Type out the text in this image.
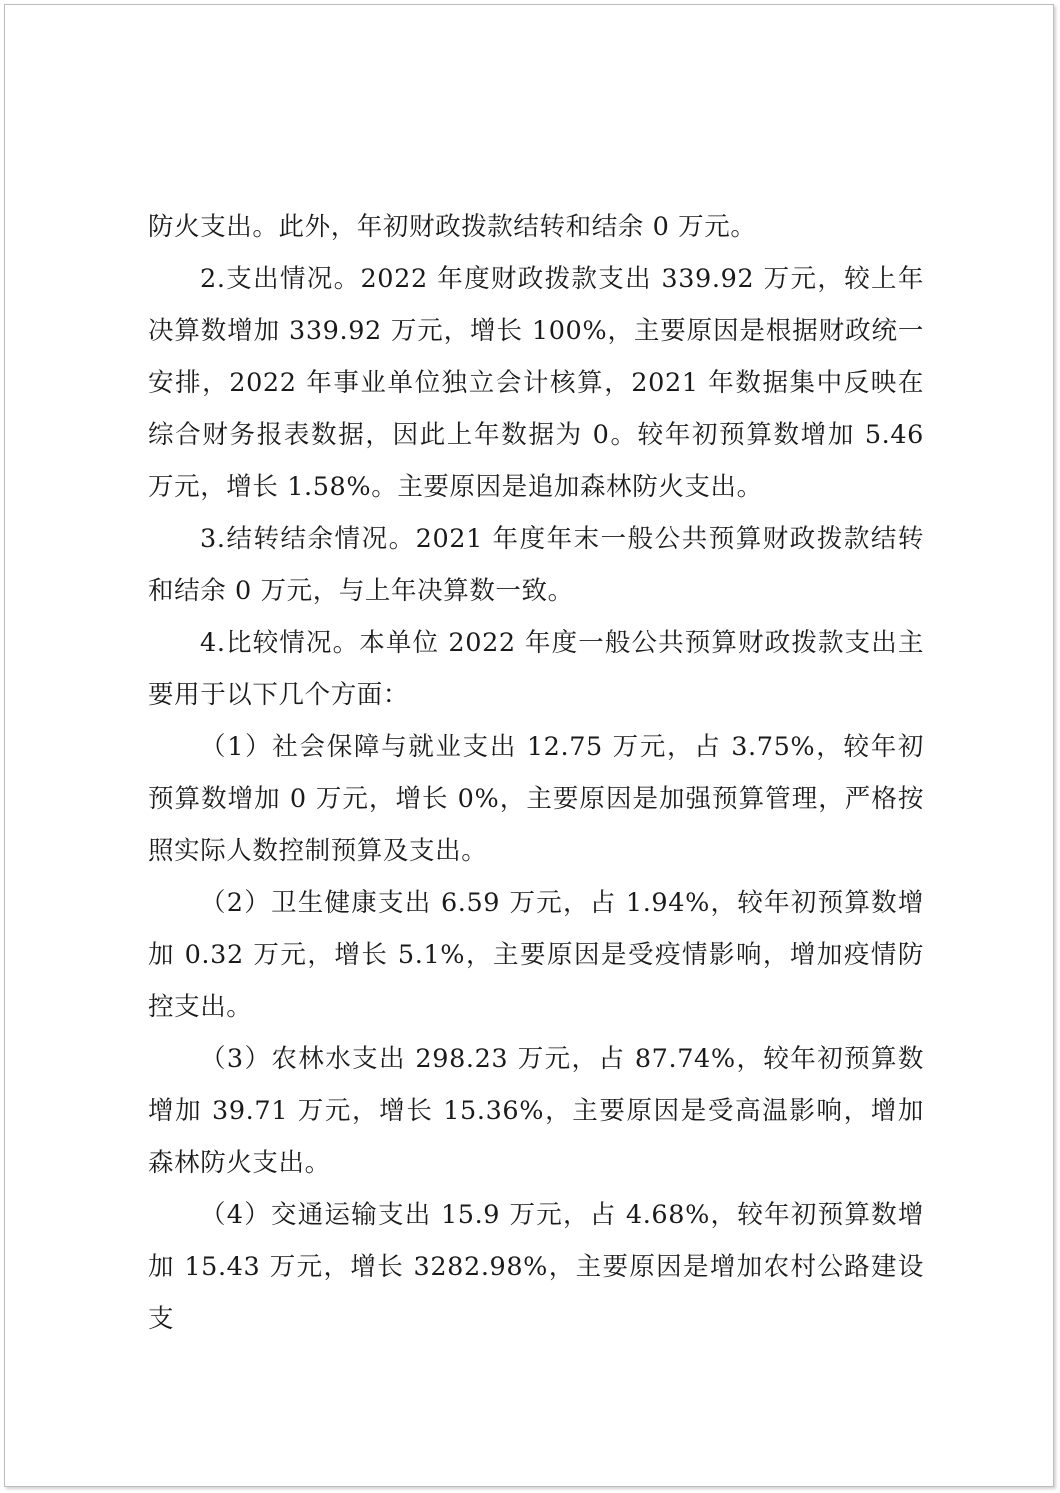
防火支出。此外，年初财政拨款结转和结余 0 万元。

2.支出情况。2022 年度财政拨款支出 339.92 万元，较上年决算数增加 339.92 万元，增长 100%，主要原因是根据财政统一安排，2022 年事业单位独立会计核算，2021 年数据集中反映在综合财务报表数据，因此上年数据为 0。较年初预算数增加 5.46 万元，增长 1.58%。主要原因是追加森林防火支出。

3.结转结余情况。2021 年度年末一般公共预算财政拨款结转和结余 0 万元，与上年决算数一致。

4.比较情况。本单位 2022 年度一般公共预算财政拨款支出主要用于以下几个方面：

（1）社会保障与就业支出 12.75 万元，占 3.75%，较年初预算数增加 0 万元，增长 0%，主要原因是加强预算管理，严格按照实际人数控制预算及支出。

（2）卫生健康支出 6.59 万元，占 1.94%，较年初预算数增加 0.32 万元，增长 5.1%，主要原因是受疫情影响，增加疫情防控支出。

（3）农林水支出 298.23 万元，占 87.74%，较年初预算数增加 39.71 万元，增长 15.36%，主要原因是受高温影响，增加森林防火支出。

（4）交通运输支出 15.9 万元，占 4.68%，较年初预算数增加 15.43 万元，增长 3282.98%，主要原因是增加农村公路建设支
